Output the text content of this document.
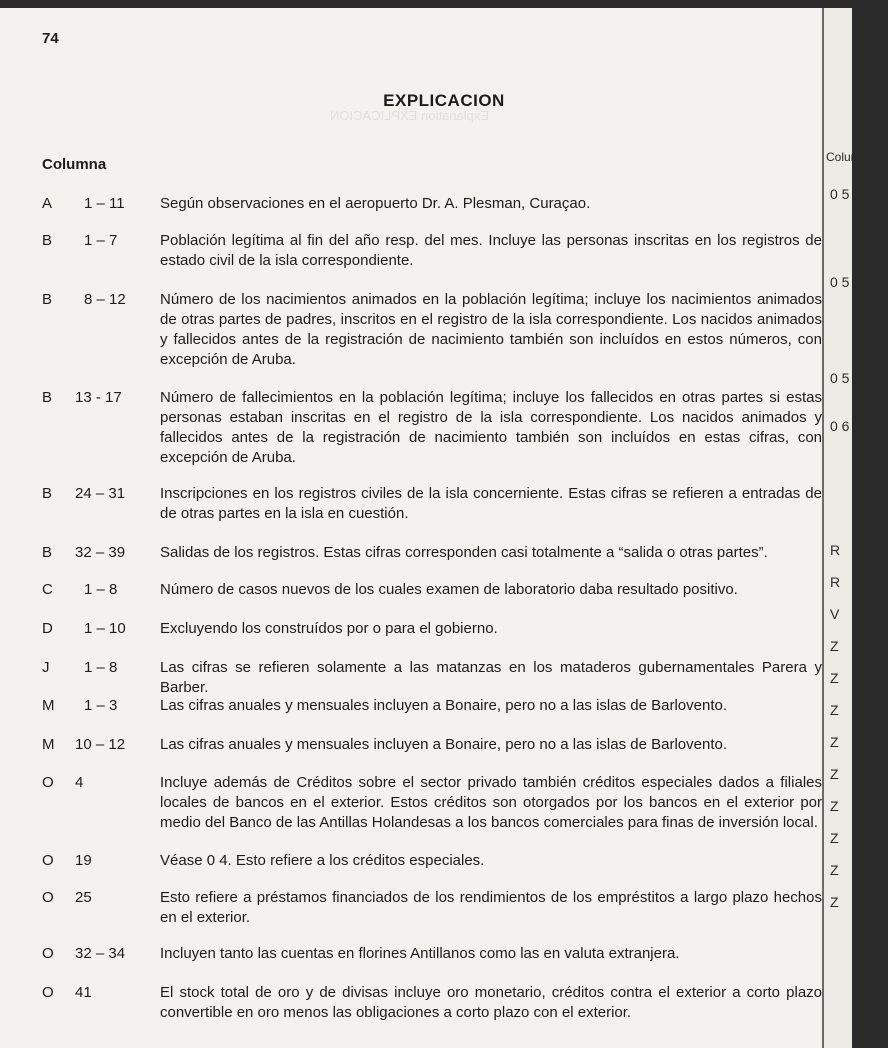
Explanation EXPLICACION
74
EXPLICACION
Columna
A 1 – 11 Según observaciones en el aeropuerto Dr. A. Plesman, Curaçao.
B 1 – 7	Población legítima al fin del año resp. del mes. Incluye las personas inscritas en los registros de estado civil de la isla correspondiente.
B 8 – 12 Número de los nacimientos animados en la población legítima; incluye los nacimientos animados de otras partes de padres, inscritos en el registro de la isla correspondiente. Los nacidos animados y fallecidos antes de la registración de nacimiento también son incluídos en estos números, con excepción de Aruba.
B 13 - 17	Número de fallecimientos en la población legítima; incluye los fallecidos en otras partes si estas personas estaban inscritas en el registro de la isla correspondiente. Los nacidos animados y fallecidos antes de la registración de nacimiento también son incluídos en estas cifras, con excepción de Aruba.
B 24 – 31 Inscripciones en los registros civiles de la isla concerniente. Estas cifras se refieren a entradas de de otras partes en la isla en cuestión.
B 32 – 39 Salidas de los registros. Estas cifras corresponden casi totalmente a “salida o otras partes”.
C 1 – 8	Número de casos nuevos de los cuales examen de laboratorio daba resultado positivo.
D 1 – 10 Excluyendo los construídos por o para el gobierno.
J 1 – 8	Las cifras se refieren solamente a las matanzas en los mataderos gubernamentales Parera y Barber.
M 1 – 3	Las cifras anuales y mensuales incluyen a Bonaire, pero no a las islas de Barlovento.
M 10 – 12 Las cifras anuales y mensuales incluyen a Bonaire, pero no a las islas de Barlovento.
O 4	Incluye además de Créditos sobre el sector privado también créditos especiales dados a filiales locales de bancos en el exterior. Estos créditos son otorgados por los bancos en el exterior por medio del Banco de las Antillas Holandesas a los bancos comerciales para finas de inversión local.
O 19	Véase 0 4. Esto refiere a los créditos especiales.
O 25	Esto refiere a préstamos financiados de los rendimientos de los empréstitos a largo plazo hechos en el exterior.
O 32 – 34 Incluyen tanto las cuentas en florines Antillanos como las en valuta extranjera.
O 41	El stock total de oro y de divisas incluye oro monetario, créditos contra el exterior a corto plazo convertible en oro menos las obligaciones a corto plazo con el exterior.
Colum
0 5
0 5
0 5
0 6
R
R
V
Z
Z
Z
Z
Z
Z
Z
Z
Z
